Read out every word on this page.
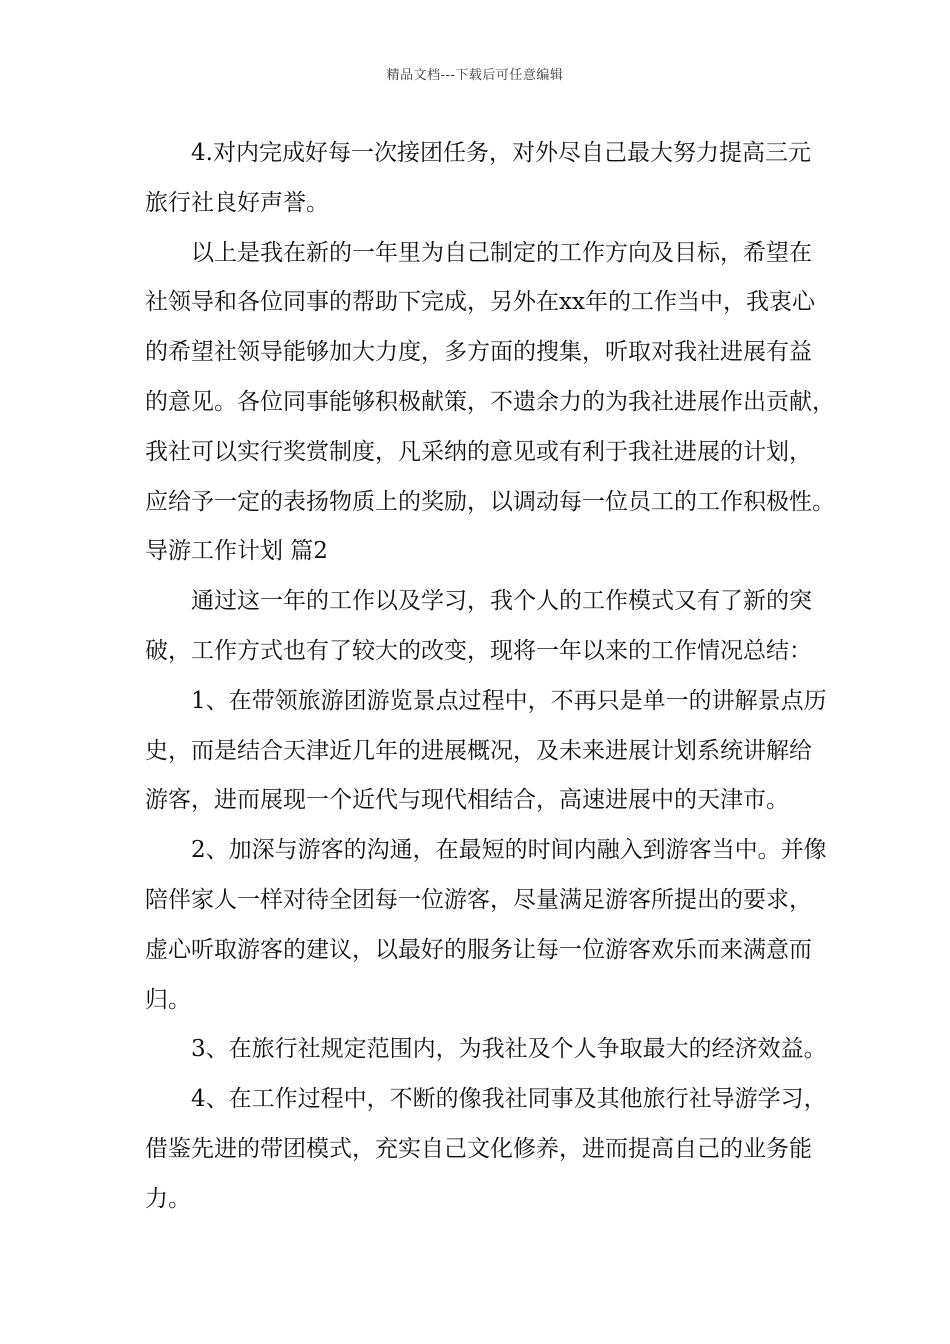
精品文档---下载后可任意编辑
4.对内完成好每一次接团任务，对外尽自己最大努力提高三元
旅行社良好声誉。
以上是我在新的一年里为自己制定的工作方向及目标，希望在
社领导和各位同事的帮助下完成，另外在xx年的工作当中，我衷心
的希望社领导能够加大力度，多方面的搜集，听取对我社进展有益
的意见。各位同事能够积极献策，不遗余力的为我社进展作出贡献，
我社可以实行奖赏制度，凡采纳的意见或有利于我社进展的计划，
应给予一定的表扬物质上的奖励，以调动每一位员工的工作积极性。
导游工作计划 篇2
通过这一年的工作以及学习，我个人的工作模式又有了新的突
破，工作方式也有了较大的改变，现将一年以来的工作情况总结：
1、在带领旅游团游览景点过程中，不再只是单一的讲解景点历
史，而是结合天津近几年的进展概况，及未来进展计划系统讲解给
游客，进而展现一个近代与现代相结合，高速进展中的天津市。
2、加深与游客的沟通，在最短的时间内融入到游客当中。并像
陪伴家人一样对待全团每一位游客，尽量满足游客所提出的要求，
虚心听取游客的建议，以最好的服务让每一位游客欢乐而来满意而
归。
3、在旅行社规定范围内，为我社及个人争取最大的经济效益。
4、在工作过程中，不断的像我社同事及其他旅行社导游学习，
借鉴先进的带团模式，充实自己文化修养，进而提高自己的业务能
力。
